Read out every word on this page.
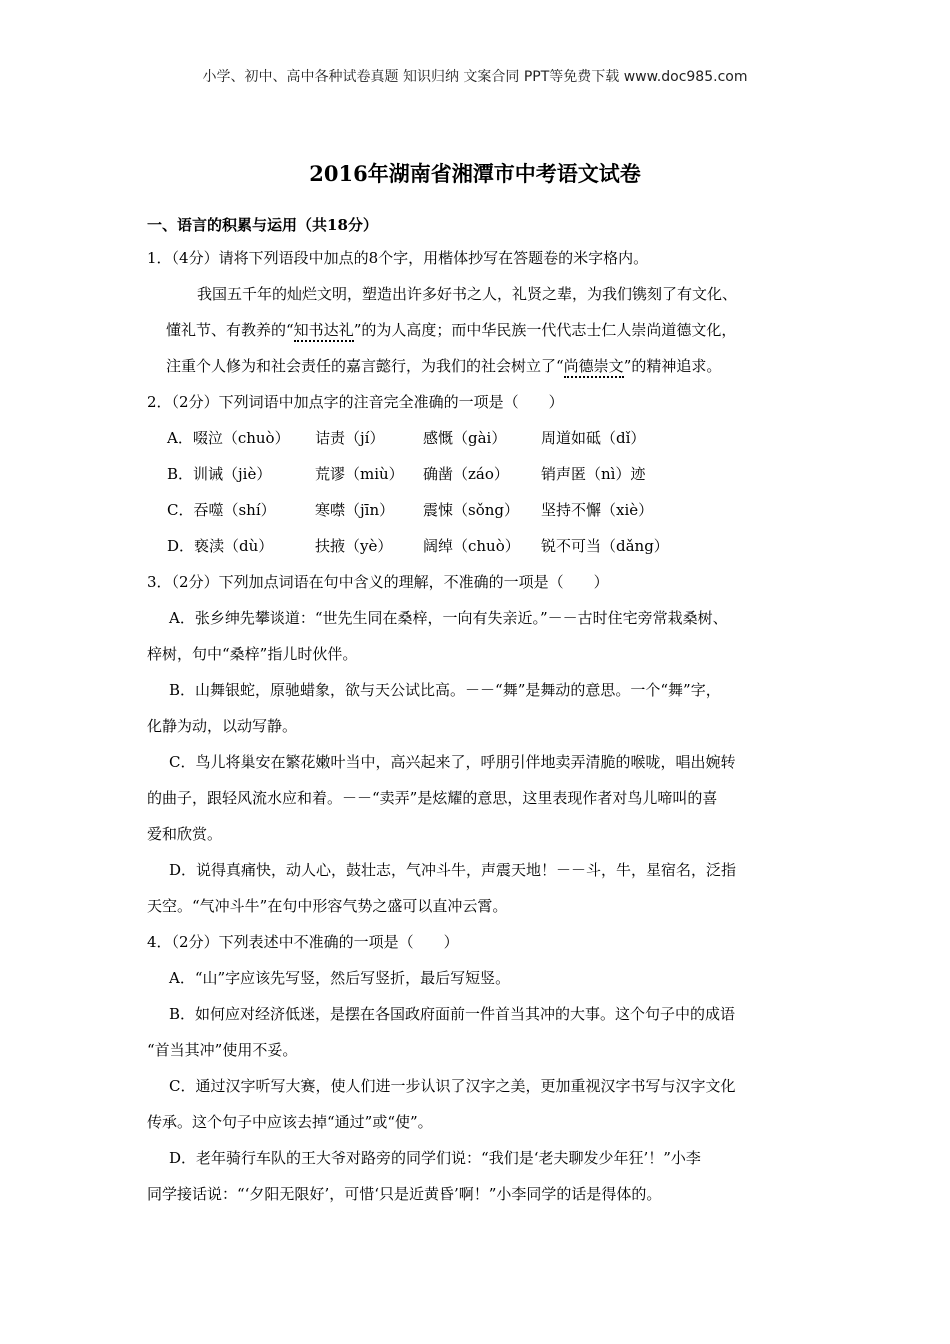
小学、初中、高中各种试卷真题 知识归纳 文案合同 PPT等免费下载 www.doc985.com
2016年湖南省湘潭市中考语文试卷
一、语言的积累与运用（共18分）
1．（4分）请将下列语段中加点的8个字，用楷体抄写在答题卷的米字格内。
我国五千年的灿烂文明，塑造出许多好书之人，礼贤之辈，为我们镌刻了有文化、
懂礼节、有教养的“知书达礼”的为人高度；而中华民族一代代志士仁人崇尚道德文化，
注重个人修为和社会责任的嘉言懿行，为我们的社会树立了“尚德崇文”的精神追求。
2．（2分）下列词语中加点字的注音完全准确的一项是（　　）
A．啜泣（chuò） 诘责（jí）	感慨（gài） 周道如砥（dǐ）
B．训诫（jiè）	荒谬（miù） 确凿（záo） 销声匿（nì）迹
C．吞噬（shí）	寒噤（jīn） 震悚（sǒng） 坚持不懈（xiè）
D．亵渎（dù）	扶掖（yè） 阔绰（chuò） 锐不可当（dǎng）
3．（2分）下列加点词语在句中含义的理解，不准确的一项是（　　）
A．张乡绅先攀谈道：“世先生同在桑梓，一向有失亲近。”－－古时住宅旁常栽桑树、
梓树，句中“桑梓”指儿时伙伴。
B．山舞银蛇，原驰蜡象，欲与天公试比高。－－“舞”是舞动的意思。一个“舞”字，
化静为动，以动写静。
C．鸟儿将巢安在繁花嫩叶当中，高兴起来了，呼朋引伴地卖弄清脆的喉咙，唱出婉转
的曲子，跟轻风流水应和着。－－“卖弄”是炫耀的意思，这里表现作者对鸟儿啼叫的喜
爱和欣赏。
D．说得真痛快，动人心，鼓壮志，气冲斗牛，声震天地！－－斗，牛，星宿名，泛指
天空。“气冲斗牛”在句中形容气势之盛可以直冲云霄。
4．（2分）下列表述中不准确的一项是（　　）
A．“山”字应该先写竖，然后写竖折，最后写短竖。
B．如何应对经济低迷，是摆在各国政府面前一件首当其冲的大事。这个句子中的成语
“首当其冲”使用不妥。
C．通过汉字听写大赛，使人们进一步认识了汉字之美，更加重视汉字书写与汉字文化
传承。这个句子中应该去掉“通过”或“使”。
D．老年骑行车队的王大爷对路旁的同学们说：“我们是‘老夫聊发少年狂’！”小李
同学接话说：“‘夕阳无限好’，可惜‘只是近黄昏’啊！”小李同学的话是得体的。
